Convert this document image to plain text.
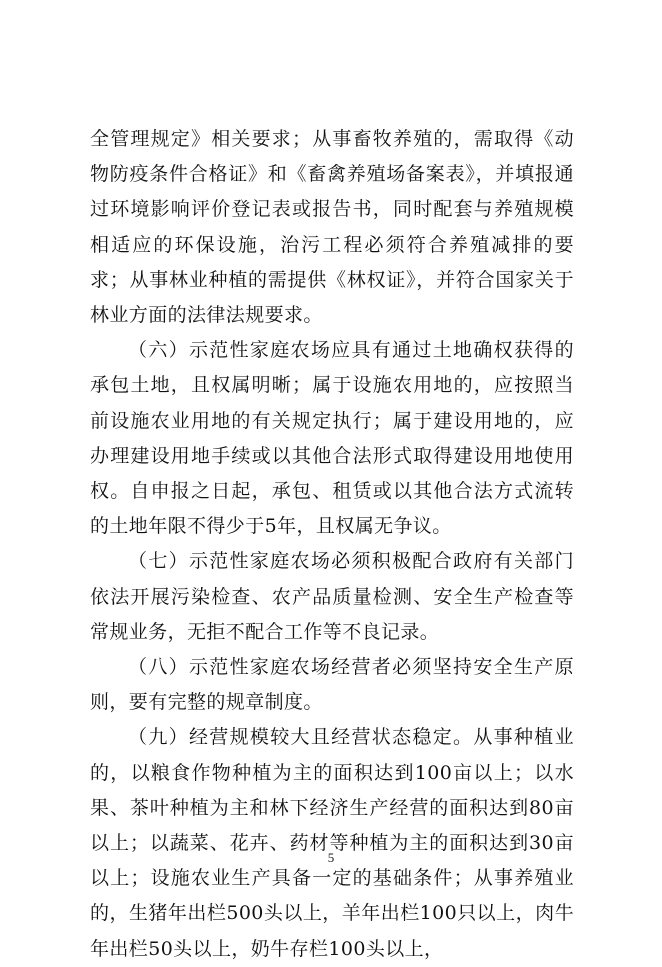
全管理规定》相关要求；从事畜牧养殖的，需取得《动物防疫条件合格证》和《畜禽养殖场备案表》，并填报通过环境影响评价登记表或报告书，同时配套与养殖规模相适应的环保设施，治污工程必须符合养殖减排的要求；从事林业种植的需提供《林权证》，并符合国家关于林业方面的法律法规要求。

（六）示范性家庭农场应具有通过土地确权获得的承包土地，且权属明晰；属于设施农用地的，应按照当前设施农业用地的有关规定执行；属于建设用地的，应办理建设用地手续或以其他合法形式取得建设用地使用权。自申报之日起，承包、租赁或以其他合法方式流转的土地年限不得少于5年，且权属无争议。

（七）示范性家庭农场必须积极配合政府有关部门依法开展污染检查、农产品质量检测、安全生产检查等常规业务，无拒不配合工作等不良记录。

（八）示范性家庭农场经营者必须坚持安全生产原则，要有完整的规章制度。

（九）经营规模较大且经营状态稳定。从事种植业的，以粮食作物种植为主的面积达到100亩以上；以水果、茶叶种植为主和林下经济生产经营的面积达到80亩以上；以蔬菜、花卉、药材等种植为主的面积达到30亩以上；设施农业生产具备一定的基础条件；从事养殖业的，生猪年出栏500头以上，羊年出栏100只以上，肉牛年出栏50头以上，奶牛存栏100头以上，

5
